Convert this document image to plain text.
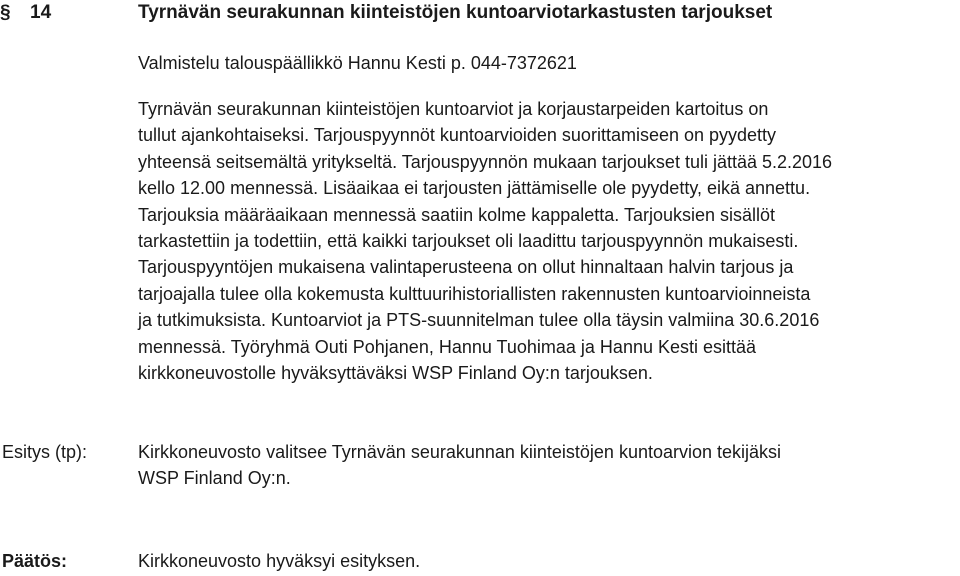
§ 14	Tyrnävän seurakunnan kiinteistöjen kuntoarviotarkastusten tarjoukset
Valmistelu talouspäällikkö Hannu Kesti p. 044-7372621
Tyrnävän seurakunnan kiinteistöjen kuntoarviot ja korjaustarpeiden kartoitus on
tullut ajankohtaiseksi. Tarjouspyynnöt kuntoarvioiden suorittamiseen on pyydetty
yhteensä seitsemältä yritykseltä. Tarjouspyynnön mukaan tarjoukset tuli jättää 5.2.2016
kello 12.00 mennessä. Lisäaikaa ei tarjousten jättämiselle ole pyydetty, eikä annettu.
Tarjouksia määräaikaan mennessä saatiin kolme kappaletta. Tarjouksien sisällöt
tarkastettiin ja todettiin, että kaikki tarjoukset oli laadittu tarjouspyynnön mukaisesti.
Tarjouspyyntöjen mukaisena valintaperusteena on ollut hinnaltaan halvin tarjous ja
tarjoajalla tulee olla kokemusta kulttuurihistoriallisten rakennusten kuntoarvioinneista
ja tutkimuksista. Kuntoarviot ja PTS-suunnitelman tulee olla täysin valmiina 30.6.2016
mennessä. Työryhmä Outi Pohjanen, Hannu Tuohimaa ja Hannu Kesti esittää
kirkkoneuvostolle hyväksyttäväksi WSP Finland Oy:n tarjouksen.
Esitys (tp):	Kirkkoneuvosto valitsee Tyrnävän seurakunnan kiinteistöjen kuntoarvion tekijäksi
WSP Finland Oy:n.
Päätös:	Kirkkoneuvosto hyväksyi esityksen.
